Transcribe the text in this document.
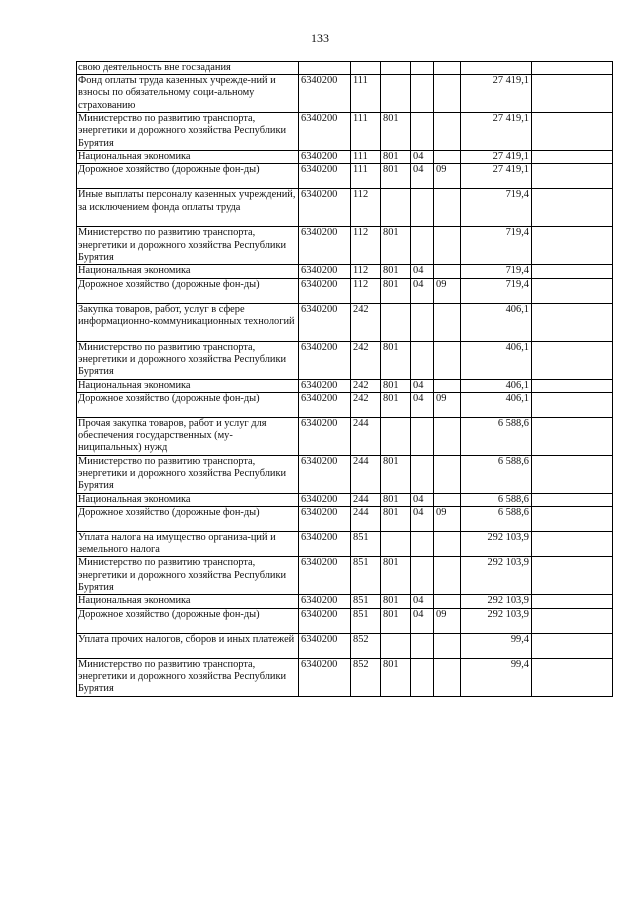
133
свою деятельность вне госзадания							
Фонд оплаты труда казенных учрежде-ний и взносы по обязательному соци-альному страхованию	6340200	111				27 419,1	
Министерство по развитию транспорта, энергетики и дорожного хозяйства Республики Бурятия	6340200	111	801			27 419,1	
Национальная экономика	6340200	111	801	04		27 419,1	
Дорожное хозяйство (дорожные фон-ды)	6340200	111	801	04	09	27 419,1	
Иные выплаты персоналу казенных учреждений, за исключением фонда оплаты труда	6340200	112				719,4	
Министерство по развитию транспорта, энергетики и дорожного хозяйства Республики Бурятия	6340200	112	801			719,4	
Национальная экономика	6340200	112	801	04		719,4	
Дорожное хозяйство (дорожные фон-ды)	6340200	112	801	04	09	719,4	
Закупка товаров, работ, услуг в сфере информационно-коммуникационных технологий	6340200	242				406,1	
Министерство по развитию транспорта, энергетики и дорожного хозяйства Республики Бурятия	6340200	242	801			406,1	
Национальная экономика	6340200	242	801	04		406,1	
Дорожное хозяйство (дорожные фон-ды)	6340200	242	801	04	09	406,1	
Прочая закупка товаров, работ и услуг для обеспечения государственных (му-ниципальных) нужд	6340200	244				6 588,6	
Министерство по развитию транспорта, энергетики и дорожного хозяйства Республики Бурятия	6340200	244	801			6 588,6	
Национальная экономика	6340200	244	801	04		6 588,6	
Дорожное хозяйство (дорожные фон-ды)	6340200	244	801	04	09	6 588,6	
Уплата налога на имущество организа-ций и земельного налога	6340200	851				292 103,9	
Министерство по развитию транспорта, энергетики и дорожного хозяйства Республики Бурятия	6340200	851	801			292 103,9	
Национальная экономика	6340200	851	801	04		292 103,9	
Дорожное хозяйство (дорожные фон-ды)	6340200	851	801	04	09	292 103,9	
Уплата прочих налогов, сборов и иных платежей	6340200	852				99,4	
Министерство по развитию транспорта, энергетики и дорожного хозяйства Республики Бурятия	6340200	852	801			99,4	
